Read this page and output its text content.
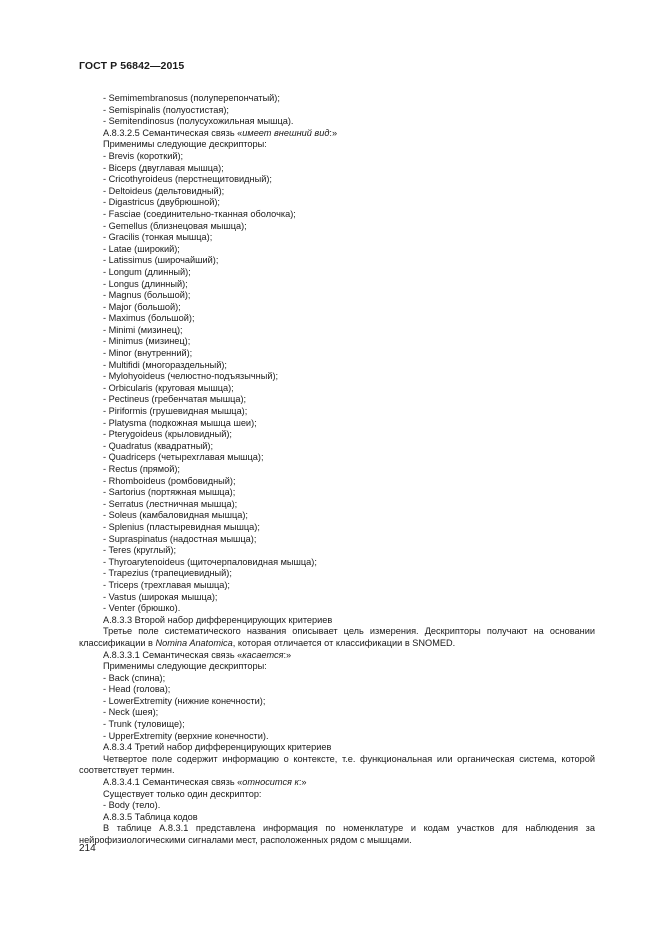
ГОСТ Р 56842—2015
- Semimembranosus (полуперепончатый);
- Semispinalis (полуостистая);
- Semitendinosus (полусухожильная мышца).
А.8.3.2.5 Семантическая связь «имеет внешний вид:»
Применимы следующие дескрипторы:
- Brevis (короткий);
- Biceps (двуглавая мышца);
- Cricothyroideus (перстнещитовидный);
- Deltoideus (дельтовидный);
- Digastricus (двубрюшной);
- Fasciae (соединительно-тканная оболочка);
- Gemellus (близнецовая мышца);
- Gracilis (тонкая мышца);
- Latae (широкий);
- Latissimus (широчайший);
- Longum (длинный);
- Longus (длинный);
- Magnus (большой);
- Major (большой);
- Maximus (большой);
- Minimi (мизинец);
- Minimus (мизинец);
- Minor (внутренний);
- Multifidi (многораздельный);
- Mylohyoideus (челюстно-подъязычный);
- Orbicularis (круговая мышца);
- Pectineus (гребенчатая мышца);
- Piriformis (грушевидная мышца);
- Platysma (подкожная мышца шеи);
- Pterygoideus (крыловидный);
- Quadratus (квадратный);
- Quadriceps (четырехглавая мышца);
- Rectus (прямой);
- Rhomboideus (ромбовидный);
- Sartorius (портяжная мышца);
- Serratus (лестничная мышца);
- Soleus (камбаловидная мышца);
- Splenius (пластыревидная мышца);
- Supraspinatus (надостная мышца);
- Teres (круглый);
- Thyroarytenoideus (щиточерпаловидная мышца);
- Trapezius (трапециевидный);
- Triceps (трехглавая мышца);
- Vastus (широкая мышца);
- Venter (брюшко).
А.8.3.3 Второй набор дифференцирующих критериев
Третье поле систематического названия описывает цель измерения. Дескрипторы получают на основании классификации в Nomina Anatomica, которая отличается от классификации в SNOMED.
А.8.3.3.1 Семантическая связь «касается:»
Применимы следующие дескрипторы:
- Back (спина);
- Head (голова);
- LowerExtremity (нижние конечности);
- Neck (шея);
- Trunk (туловище);
- UpperExtremity (верхние конечности).
А.8.3.4 Третий набор дифференцирующих критериев
Четвертое поле содержит информацию о контексте, т.е. функциональная или органическая система, которой соответствует термин.
А.8.3.4.1 Семантическая связь «относится к:»
Существует только один дескриптор:
- Body (тело).
А.8.3.5 Таблица кодов
В таблице А.8.3.1 представлена информация по номенклатуре и кодам участков для наблюдения за нейрофизиологическими сигналами мест, расположенных рядом с мышцами.
214
